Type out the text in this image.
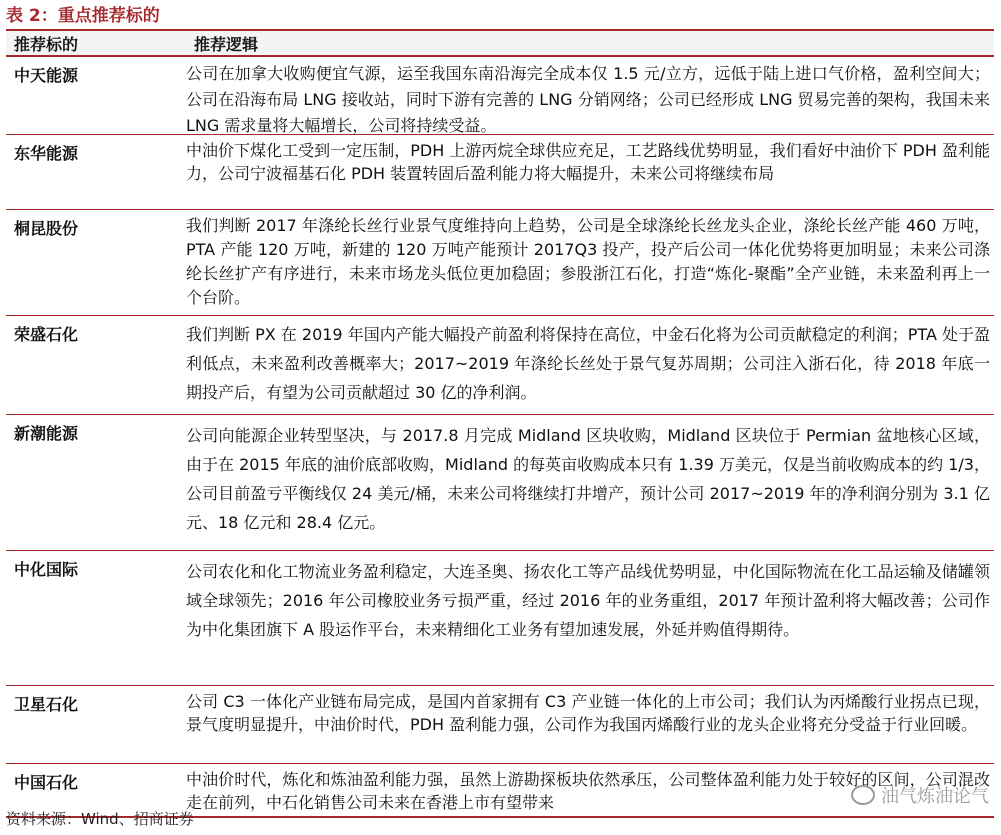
表 2：重点推荐标的
推荐标的	推荐逻辑
中天能源	公司在加拿大收购便宜气源，运至我国东南沿海完全成本仅 1.5 元/立方，远低于陆上进口气价格，盈利空间大；公司在沿海布局 LNG 接收站，同时下游有完善的 LNG 分销网络；公司已经形成 LNG 贸易完善的架构，我国未来 LNG 需求量将大幅增长，公司将持续受益。
东华能源	中油价下煤化工受到一定压制，PDH 上游丙烷全球供应充足，工艺路线优势明显，我们看好中油价下 PDH 盈利能力，公司宁波福基石化 PDH 装置转固后盈利能力将大幅提升，未来公司将继续布局
桐昆股份	我们判断 2017 年涤纶长丝行业景气度维持向上趋势，公司是全球涤纶长丝龙头企业，涤纶长丝产能 460 万吨，PTA 产能 120 万吨，新建的 120 万吨产能预计 2017Q3 投产，投产后公司一体化优势将更加明显；未来公司涤纶长丝扩产有序进行，未来市场龙头低位更加稳固；参股浙江石化，打造“炼化-聚酯”全产业链，未来盈利再上一个台阶。
荣盛石化	我们判断 PX 在 2019 年国内产能大幅投产前盈利将保持在高位，中金石化将为公司贡献稳定的利润；PTA 处于盈利低点，未来盈利改善概率大；2017~2019 年涤纶长丝处于景气复苏周期；公司注入浙石化，待 2018 年底一期投产后，有望为公司贡献超过 30 亿的净利润。
新潮能源	公司向能源企业转型坚决，与 2017.8 月完成 Midland 区块收购，Midland 区块位于 Permian 盆地核心区域，由于在 2015 年底的油价底部收购，Midland 的每英亩收购成本只有 1.39 万美元，仅是当前收购成本的约 1/3，公司目前盈亏平衡线仅 24 美元/桶，未来公司将继续打井增产，预计公司 2017~2019 年的净利润分别为 3.1 亿元、18 亿元和 28.4 亿元。
中化国际	公司农化和化工物流业务盈利稳定，大连圣奥、扬农化工等产品线优势明显，中化国际物流在化工品运输及储罐领域全球领先；2016 年公司橡胶业务亏损严重，经过 2016 年的业务重组，2017 年预计盈利将大幅改善；公司作为中化集团旗下 A 股运作平台，未来精细化工业务有望加速发展，外延并购值得期待。
卫星石化	公司 C3 一体化产业链布局完成，是国内首家拥有 C3 产业链一体化的上市公司；我们认为丙烯酸行业拐点已现，景气度明显提升，中油价时代，PDH 盈利能力强，公司作为我国丙烯酸行业的龙头企业将充分受益于行业回暖。
中国石化	中油价时代，炼化和炼油盈利能力强，虽然上游勘探板块依然承压，公司整体盈利能力处于较好的区间，公司混改走在前列，中石化销售公司未来在香港上市有望带来	油气炼油论气
资料来源：Wind、招商证券
